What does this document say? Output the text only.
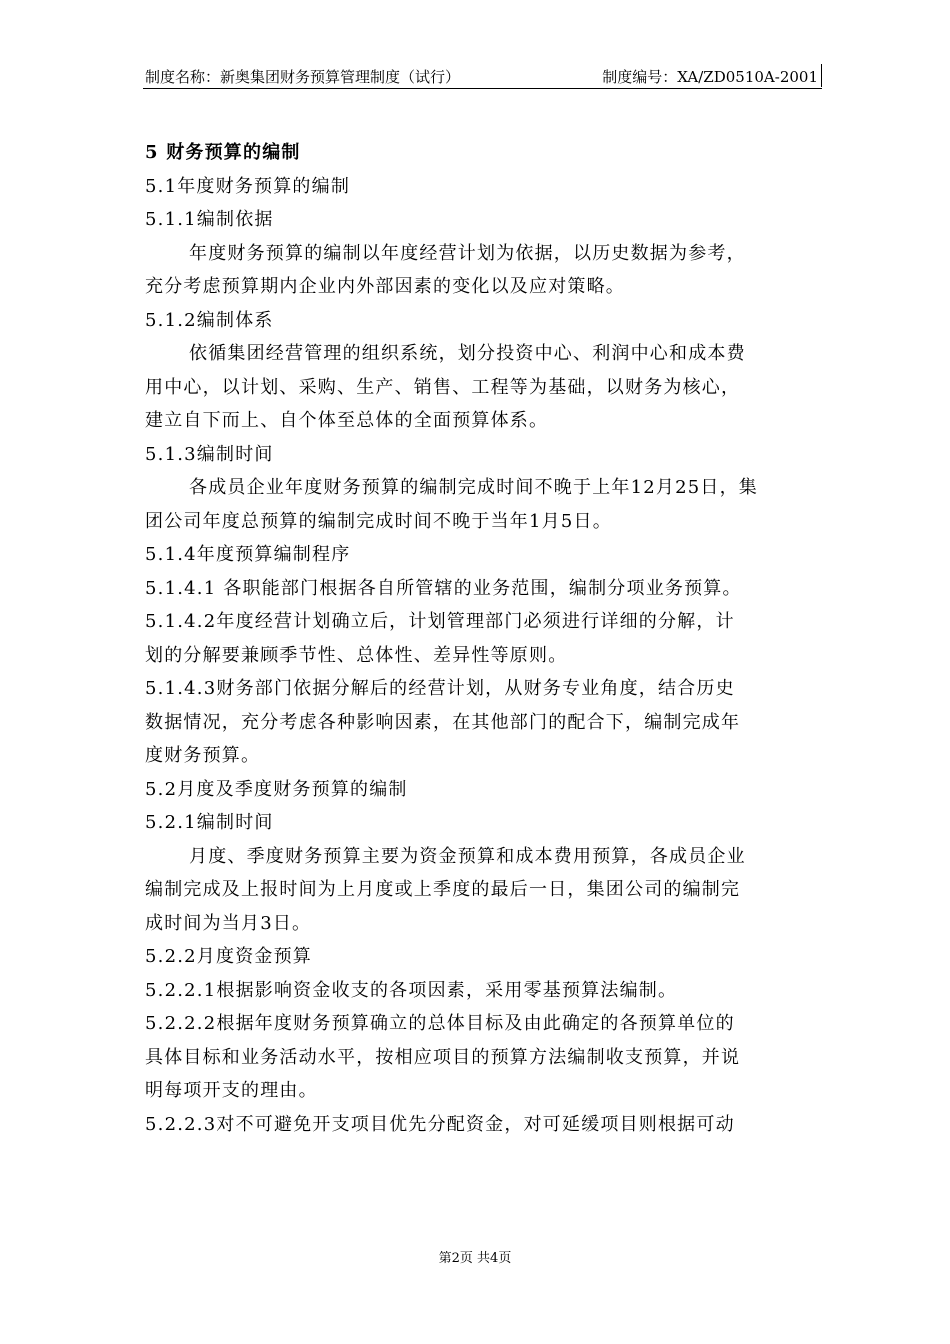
制度名称：新奥集团财务预算管理制度（试行）	制度编号：XA/ZD0510A-2001
5 财务预算的编制
5.1年度财务预算的编制
5.1.1编制依据
年度财务预算的编制以年度经营计划为依据，以历史数据为参考，
充分考虑预算期内企业内外部因素的变化以及应对策略。
5.1.2编制体系
依循集团经营管理的组织系统，划分投资中心、利润中心和成本费
用中心，以计划、采购、生产、销售、工程等为基础，以财务为核心，
建立自下而上、自个体至总体的全面预算体系。
5.1.3编制时间
各成员企业年度财务预算的编制完成时间不晚于上年12月25日，集
团公司年度总预算的编制完成时间不晚于当年1月5日。
5.1.4年度预算编制程序
5.1.4.1 各职能部门根据各自所管辖的业务范围，编制分项业务预算。
5.1.4.2年度经营计划确立后，计划管理部门必须进行详细的分解，计
划的分解要兼顾季节性、总体性、差异性等原则。
5.1.4.3财务部门依据分解后的经营计划，从财务专业角度，结合历史
数据情况，充分考虑各种影响因素，在其他部门的配合下，编制完成年
度财务预算。
5.2月度及季度财务预算的编制
5.2.1编制时间
月度、季度财务预算主要为资金预算和成本费用预算，各成员企业
编制完成及上报时间为上月度或上季度的最后一日，集团公司的编制完
成时间为当月3日。
5.2.2月度资金预算
5.2.2.1根据影响资金收支的各项因素，采用零基预算法编制。
5.2.2.2根据年度财务预算确立的总体目标及由此确定的各预算单位的
具体目标和业务活动水平，按相应项目的预算方法编制收支预算，并说
明每项开支的理由。
5.2.2.3对不可避免开支项目优先分配资金，对可延缓项目则根据可动
第2页 共4页
